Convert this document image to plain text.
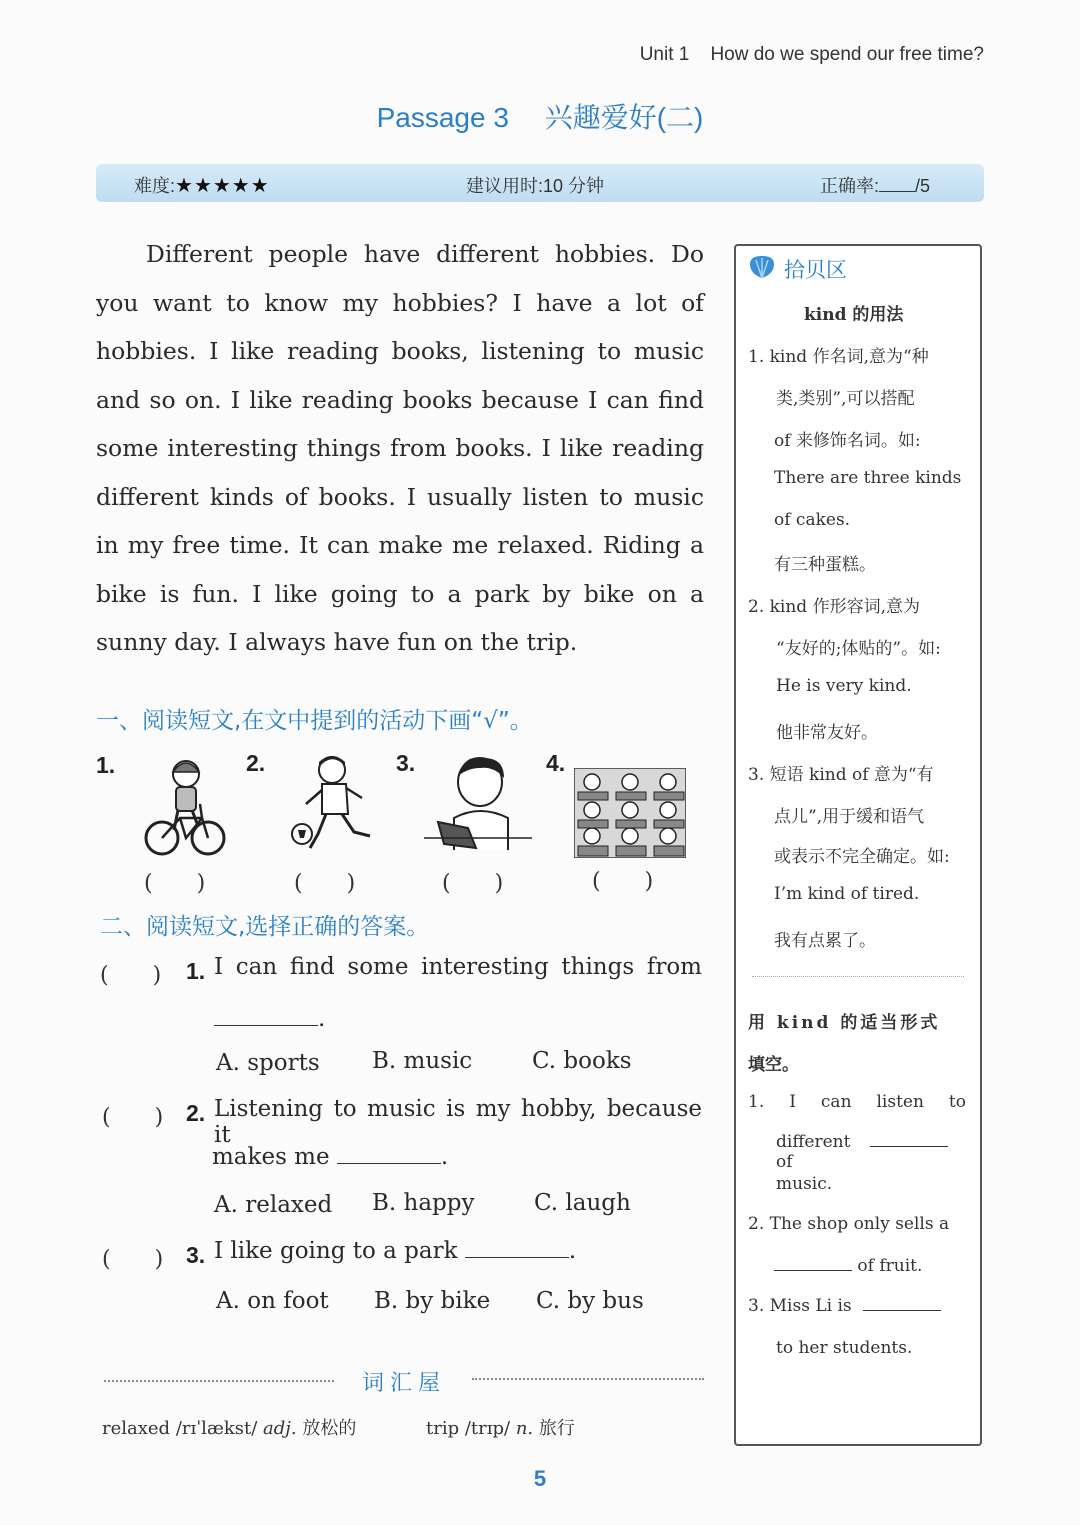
Unit 1 How do we spend our free time?
Passage 3 兴趣爱好(二)
难度:★★★★★	建议用时:10 分钟	正确率: /5

Different people have different hobbies. Do you want to know my hobbies? I have a lot of hobbies. I like reading books, listening to music and so on. I like reading books because I can find some interesting things from books. I like reading different kinds of books. I usually listen to music in my free time. It can make me relaxed. Riding a bike is fun. I like going to a park by bike on a sunny day. I always have fun on the trip.

一、阅读短文,在文中提到的活动下画“√”。
1.	2.	3.	4.
(　　)	(　　)	(　　)	(　　)
二、阅读短文,选择正确的答案。
(　　) 1. I can find some interesting things from
.
A. sports B. music	C. books
(　　) 2. Listening to music is my hobby, because it
makes me	.
A. relaxed B. happy	C. laugh
(　　) 3. I like going to a park	.
A. on foot B. by bike C. by bus
词汇屋
relaxed /rɪˈlækst/ adj. 放松的	trip /trɪp/ n. 旅行
拾贝区
kind 的用法
1. kind 作名词,意为“种
类,类别”,可以搭配
of 来修饰名词。如:
There are three kinds
of cakes.
有三种蛋糕。
2. kind 作形容词,意为
“友好的;体贴的”。如:
He is very kind.
他非常友好。
3. 短语 kind of 意为“有
点儿”,用于缓和语气
或表示不完全确定。如:
I’m kind of tired.
我有点累了。
用 kind 的适当形式
填空。
1. I can listen to
different  of
music.
2. The shop only sells a
of fruit.
3. Miss Li is
to her students.
5
